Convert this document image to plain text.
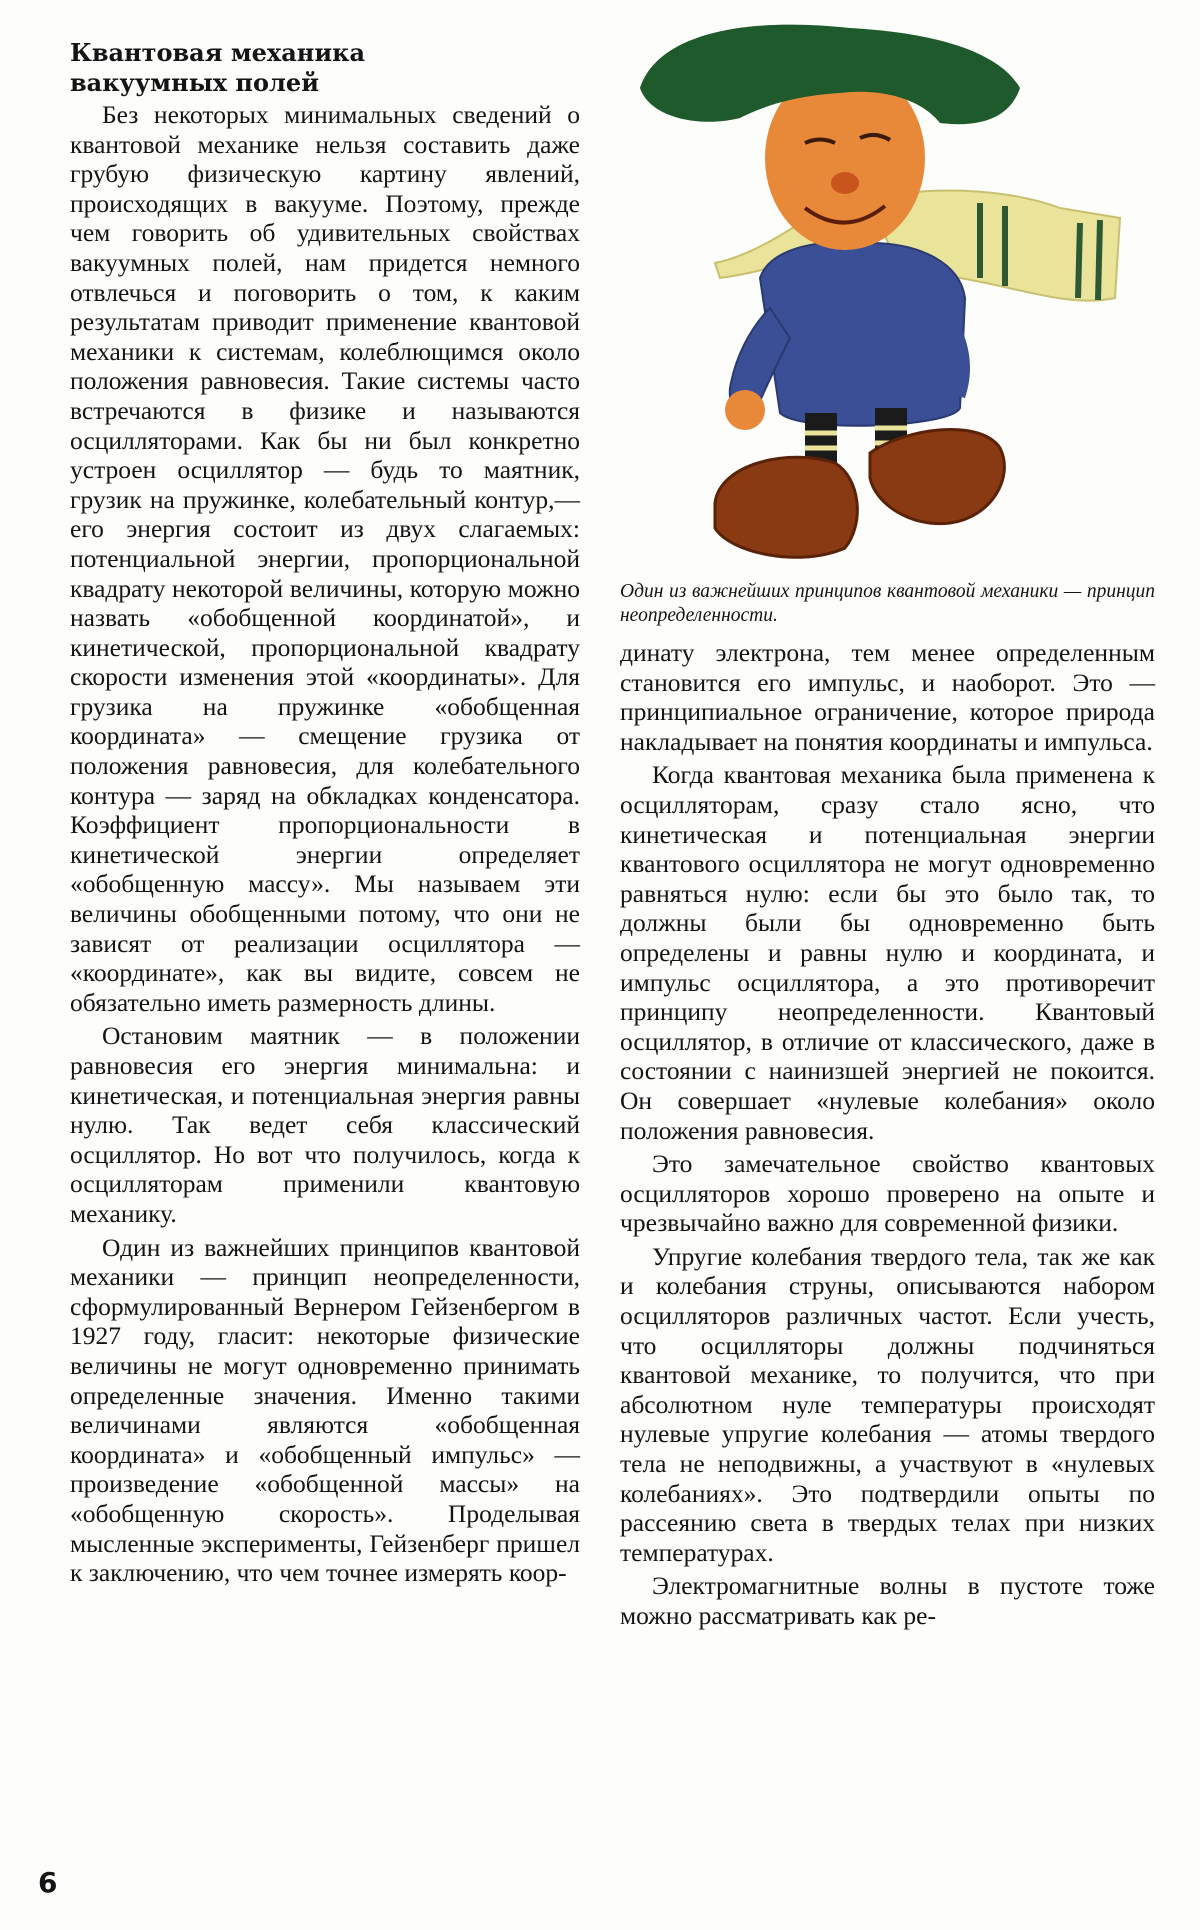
Квантовая механика
вакуумных полей

Без некоторых минимальных сведений о квантовой механике нельзя составить даже грубую физическую картину явлений, происходящих в вакууме. Поэтому, прежде чем говорить об удивительных свойствах вакуумных полей, нам придется немного отвлечься и поговорить о том, к каким результатам приводит применение квантовой механики к системам, колеблющимся около положения равновесия. Такие системы часто встречаются в физике и называются осцилляторами. Как бы ни был конкретно устроен осциллятор — будь то маятник, грузик на пружинке, колебательный контур,— его энергия состоит из двух слагаемых: потенциальной энергии, пропорциональной квадрату некоторой величины, которую можно назвать «обобщенной координатой», и кинетической, пропорциональной квадрату скорости изменения этой «координаты». Для грузика на пружинке «обобщенная координата» — смещение грузика от положения равновесия, для колебательного контура — заряд на обкладках конденсатора. Коэффициент пропорциональности в кинетической энергии определяет «обобщенную массу». Мы называем эти величины обобщенными потому, что они не зависят от реализации осциллятора — «координате», как вы видите, совсем не обязательно иметь размерность длины.

Остановим маятник — в положении равновесия его энергия минимальна: и кинетическая, и потенциальная энергия равны нулю. Так ведет себя классический осциллятор. Но вот что получилось, когда к осцилляторам применили квантовую механику.

Один из важнейших принципов квантовой механики — принцип неопределенности, сформулированный Вернером Гейзенбергом в 1927 году, гласит: некоторые физические величины не могут одновременно принимать определенные значения. Именно такими величинами являются «обобщенная координата» и «обобщенный импульс» — произведение «обобщенной массы» на «обобщенную скорость». Проделывая мысленные эксперименты, Гейзенберг пришел к заключению, что чем точнее измерять коор-

Один из важнейших принципов квантовой механики — принцип неопределенности.

динату электрона, тем менее определенным становится его импульс, и наоборот. Это — принципиальное ограничение, которое природа накладывает на понятия координаты и импульса.

Когда квантовая механика была применена к осцилляторам, сразу стало ясно, что кинетическая и потенциальная энергии квантового осциллятора не могут одновременно равняться нулю: если бы это было так, то должны были бы одновременно быть определены и равны нулю и координата, и импульс осциллятора, а это противоречит принципу неопределенности. Квантовый осциллятор, в отличие от классического, даже в состоянии с наинизшей энергией не покоится. Он совершает «нулевые колебания» около положения равновесия.

Это замечательное свойство квантовых осцилляторов хорошо проверено на опыте и чрезвычайно важно для современной физики.

Упругие колебания твердого тела, так же как и колебания струны, описываются набором осцилляторов различных частот. Если учесть, что осцилляторы должны подчиняться квантовой механике, то получится, что при абсолютном нуле температуры происходят нулевые упругие колебания — атомы твердого тела не неподвижны, а участвуют в «нулевых колебаниях». Это подтвердили опыты по рассеянию света в твердых телах при низких температурах.

Электромагнитные волны в пустоте тоже можно рассматривать как ре-

6
